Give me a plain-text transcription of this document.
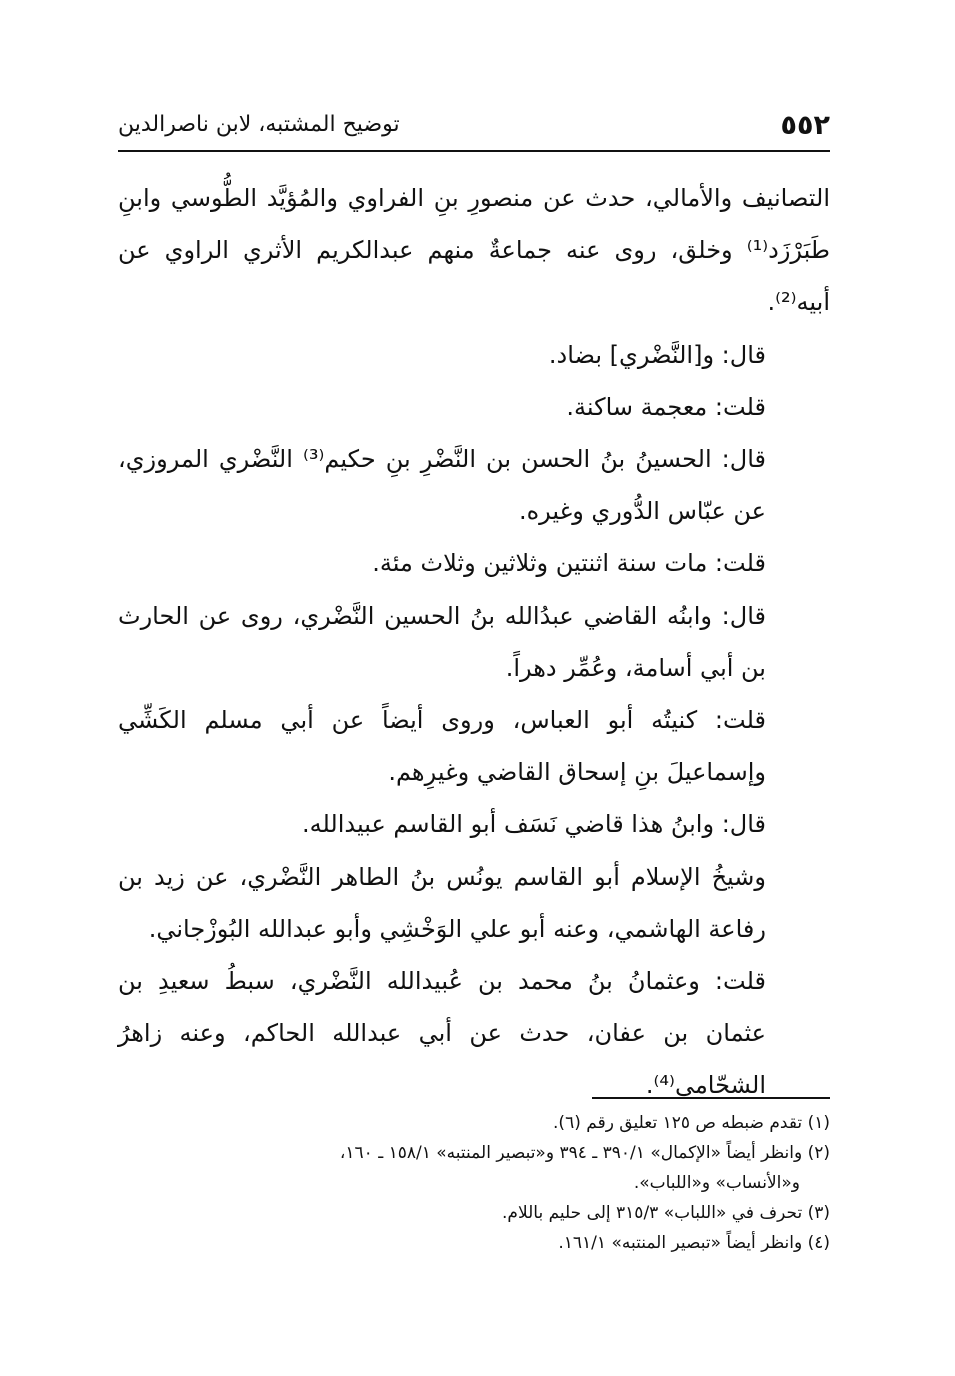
٥٥٢
توضيح المشتبه، لابن ناصرالدين

التصانيف والأمالي، حدث عن منصورِ بنِ الفراوي والمُؤيَّد الطُّوسي وابنِ طَبَرْزَد⁽¹⁾ وخلق، روى عنه جماعةٌ منهم عبدالكريم الأثري الراوي عن أبيه⁽²⁾.

قال: و[النَّضْري] بضاد.

قلت: معجمة ساكنة.

قال: الحسينُ بنُ الحسن بن النَّضْرِ بنِ حكيم⁽³⁾ النَّضْري المروزي، عن عبّاس الدُّوري وغيره.

قلت: مات سنة اثنتين وثلاثين وثلاث مئة.

قال: وابنُه القاضي عبدُالله بنُ الحسين النَّضْري، روى عن الحارث بن أبي أسامة، وعُمِّر دهراً.

قلت: كنيتُه أبو العباس، وروى أيضاً عن أبي مسلم الكَشِّي وإسماعيلَ بنِ إسحاق القاضي وغيرِهم.

قال: وابنُ هذا قاضي نَسَف أبو القاسم عبيدالله.

وشيخُ الإسلام أبو القاسم يونُس بنُ الطاهر النَّضْري، عن زيد بن رفاعة الهاشمي، وعنه أبو علي الوَخْشِي وأبو عبدالله البُوزْجاني.

قلت: وعثمانُ بنُ محمد بن عُبيدالله النَّضْري، سبطُ سعيدِ بن عثمان بن عفان، حدث عن أبي عبدالله الحاكم، وعنه زاهرُ الشحّامي⁽⁴⁾.

(١) تقدم ضبطه ص ١٢٥ تعليق رقم (٦).

(٢) وانظر أيضاً «الإكمال» ٣٩٠/١ ـ ٣٩٤ و«تبصير المنتبه» ١٥٨/١ ـ ١٦٠،

و«الأنساب» و«اللباب».

(٣) تحرف في «اللباب» ٣١٥/٣ إلى حليم باللام.

(٤) وانظر أيضاً «تبصير المنتبه» ١٦١/١.
